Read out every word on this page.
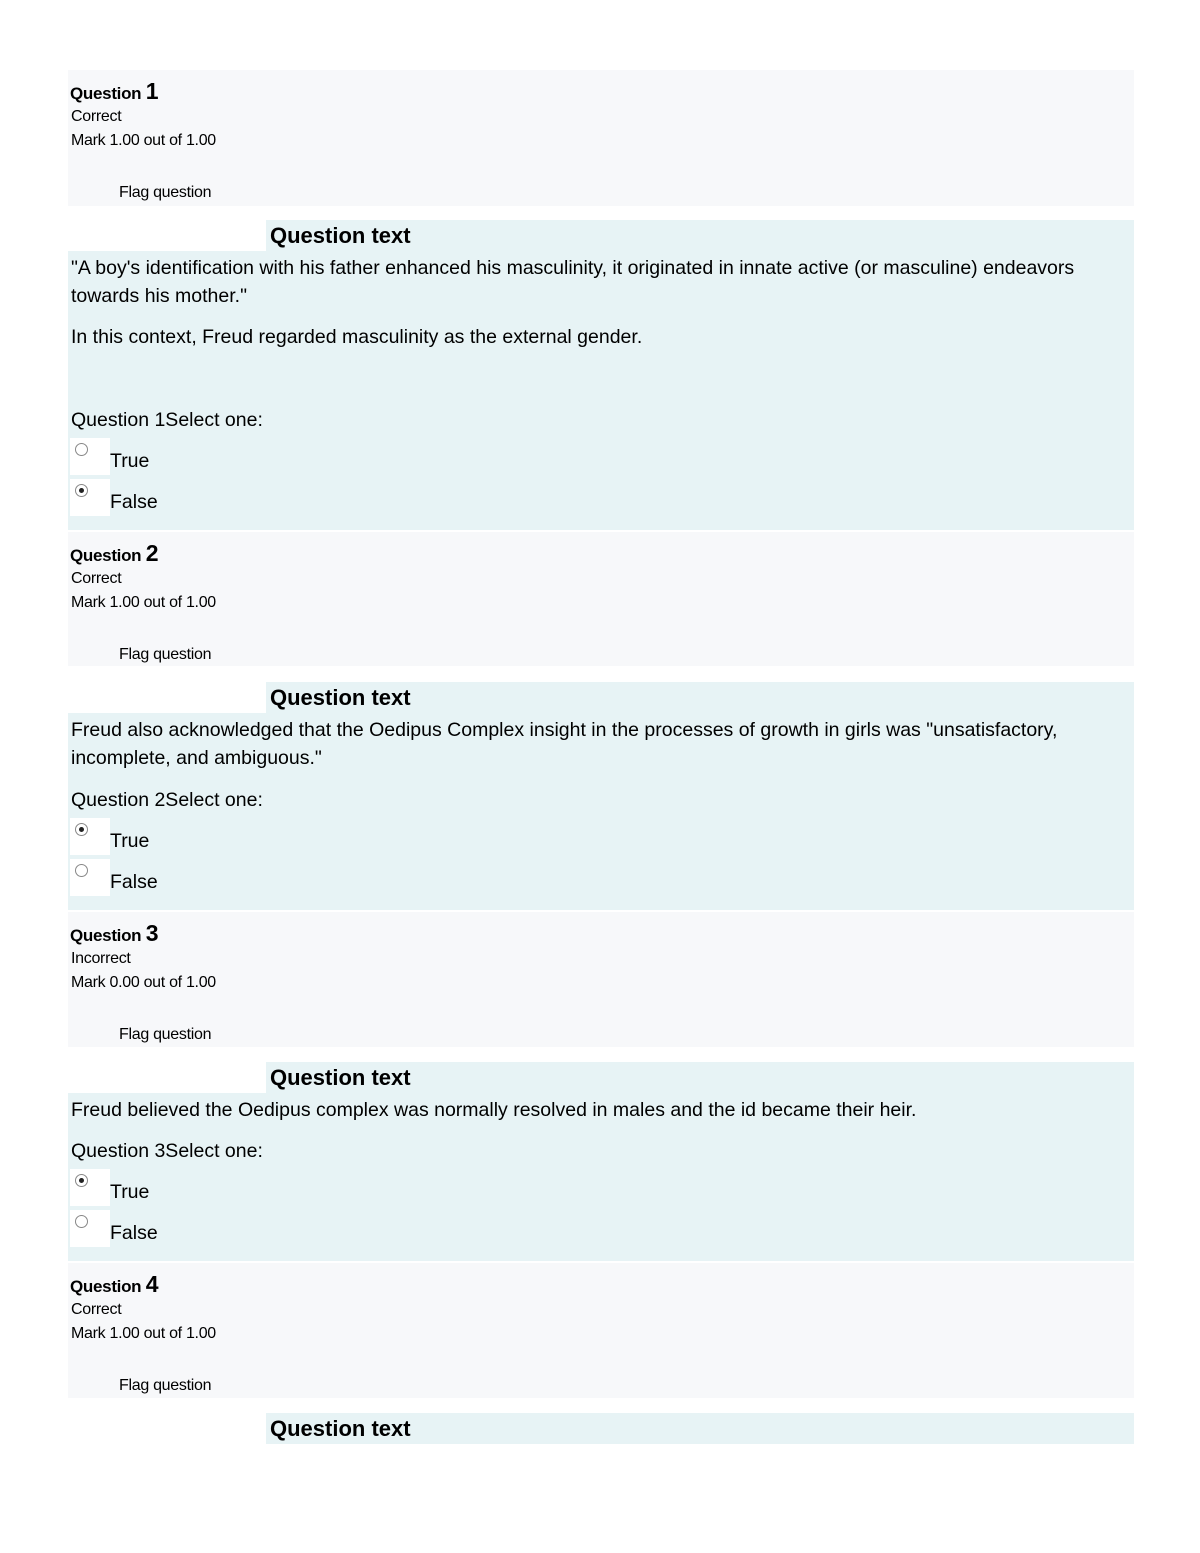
Question 1
Correct
Mark 1.00 out of 1.00
Flag question
Question text
"A boy's identification with his father enhanced his masculinity, it originated in innate active (or masculine) endeavors towards his mother."
In this context, Freud regarded masculinity as the external gender.
Question 1Select one:
True
False
Question 2
Correct
Mark 1.00 out of 1.00
Flag question
Question text
Freud also acknowledged that the Oedipus Complex insight in the processes of growth in girls was "unsatisfactory, incomplete, and ambiguous."
Question 2Select one:
True
False
Question 3
Incorrect
Mark 0.00 out of 1.00
Flag question
Question text
Freud believed the Oedipus complex was normally resolved in males and the id became their heir.
Question 3Select one:
True
False
Question 4
Correct
Mark 1.00 out of 1.00
Flag question
Question text
